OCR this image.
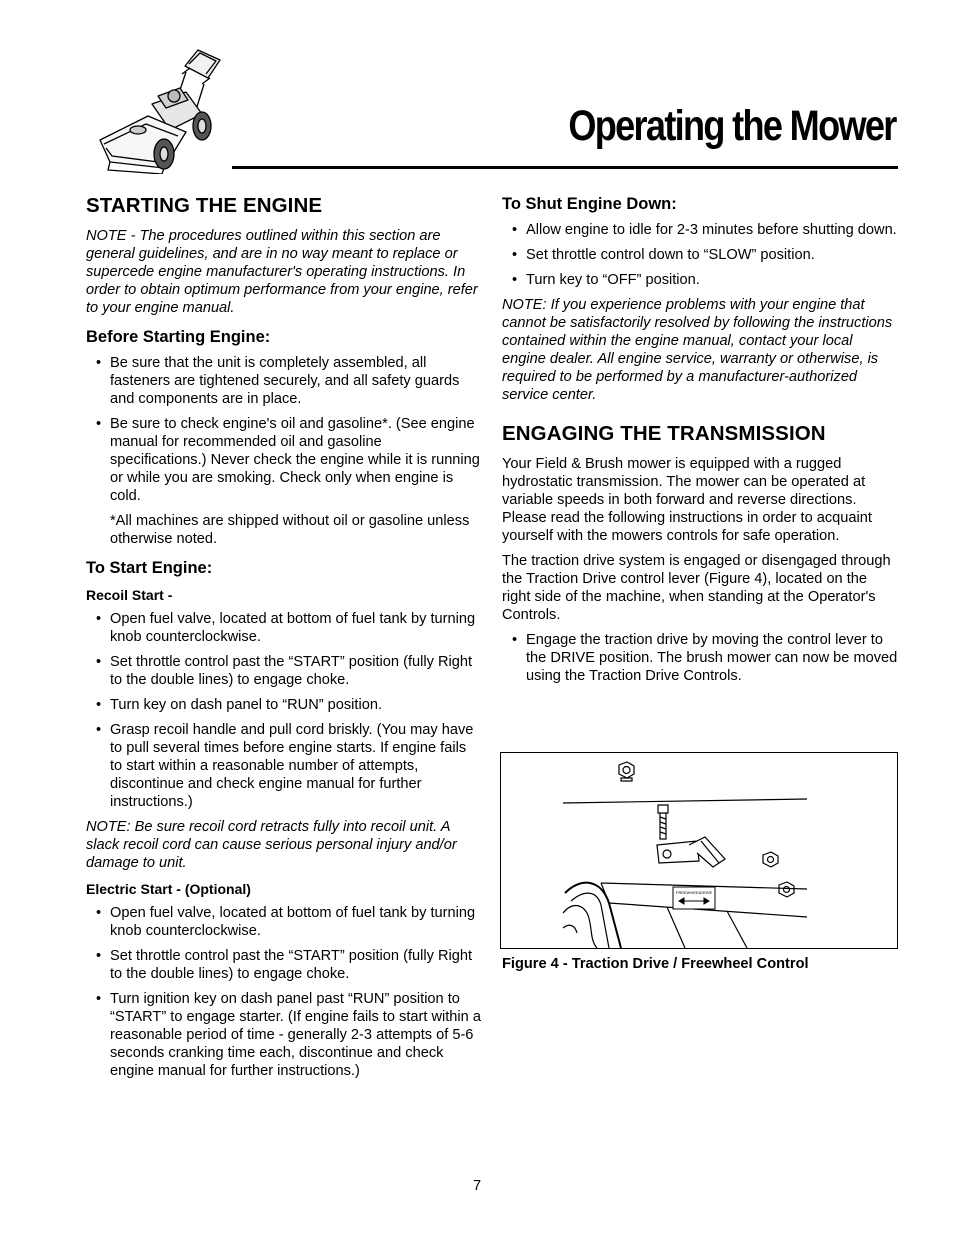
Operating the Mower
STARTING THE ENGINE

NOTE - The procedures outlined within this section are general guidelines, and are in no way meant to replace or supercede engine manufacturer's operating instructions. In order to obtain optimum performance from your engine, refer to your engine manual.

Before Starting Engine:
• Be sure that the unit is completely assembled, all fasteners are tightened securely, and all safety guards and components are in place.
• Be sure to check engine's oil and gasoline*. (See engine manual for recommended oil and gasoline specifications.) Never check the engine while it is running or while you are smoking. Check only when engine is cold.

*All machines are shipped without oil or gasoline unless otherwise noted.

To Start Engine:
Recoil Start -
• Open fuel valve, located at bottom of fuel tank by turning knob counterclockwise.
• Set throttle control past the “START” position (fully Right to the double lines) to engage choke.
• Turn key on dash panel to “RUN” position.
• Grasp recoil handle and pull cord briskly. (You may have to pull several times before engine starts. If engine fails to start within a reasonable number of attempts, discontinue and check engine manual for further instructions.)

NOTE: Be sure recoil cord retracts fully into recoil unit. A slack recoil cord can cause serious personal injury and/or damage to unit.

Electric Start - (Optional)
• Open fuel valve, located at bottom of fuel tank by turning knob counterclockwise.
• Set throttle control past the “START” position (fully Right to the double lines) to engage choke.
• Turn ignition key on dash panel past “RUN” position to “START” to engage starter. (If engine fails to start within a reasonable period of time - generally 2-3 attempts of 5-6 seconds cranking time each, discontinue and check engine manual for further instructions.)
To Shut Engine Down:
• Allow engine to idle for 2-3 minutes before shutting down.
• Set throttle control down to “SLOW” position.
• Turn key to “OFF” position.

NOTE: If you experience problems with your engine that cannot be satisfactorily resolved by following the instructions contained within the engine manual, contact your local engine dealer. All engine service, warranty or otherwise, is required to be performed by a manufacturer-authorized service center.

ENGAGING THE TRANSMISSION

Your Field & Brush mower is equipped with a rugged hydrostatic transmission. The mower can be operated at variable speeds in both forward and reverse directions. Please read the following instructions in order to acquaint yourself with the mowers controls for safe operation.

The traction drive system is engaged or disengaged through the Traction Drive control lever (Figure 4), located on the right side of the machine, when standing at the Operator's Controls.

• Engage the traction drive by moving the control lever to the DRIVE position. The brush mower can now be moved using the Traction Drive Controls.
FREEWHEEL DRIVE

Figure 4 - Traction Drive / Freewheel Control

7
